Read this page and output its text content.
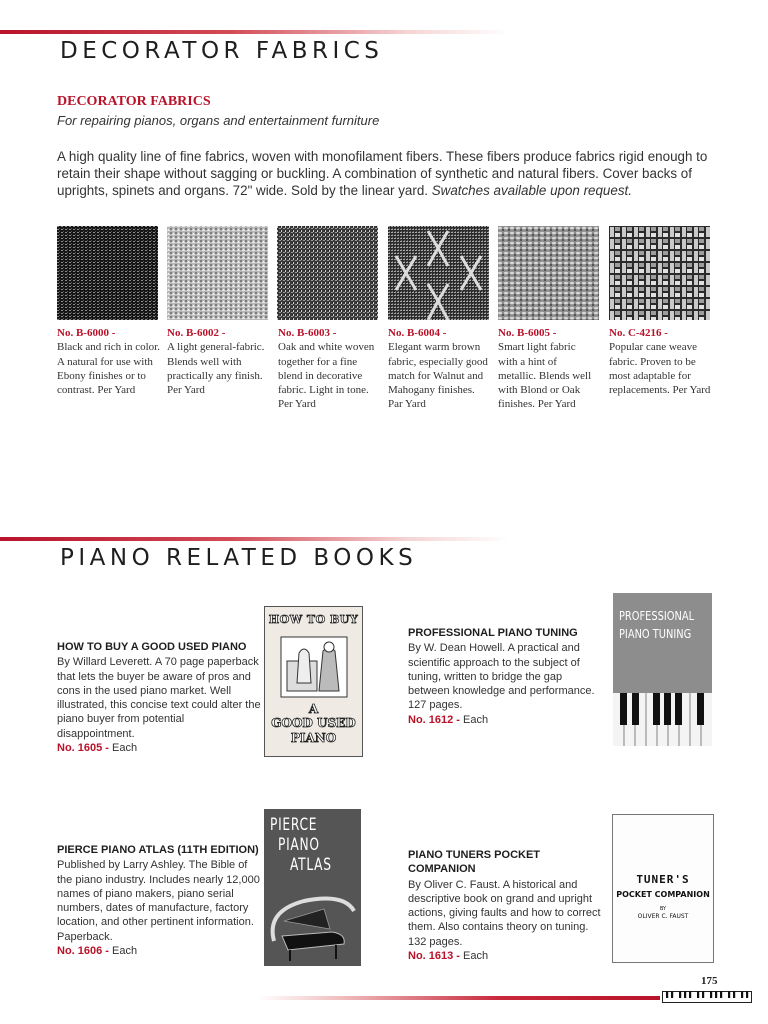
DECORATOR FABRICS
DECORATOR FABRICS
For repairing pianos, organs and entertainment furniture
A high quality line of fine fabrics, woven with monofilament fibers. These fibers produce fabrics rigid enough to retain their shape without sagging or buckling. A combination of synthetic and natural fibers. Cover backs of uprights, spinets and organs. 72" wide. Sold by the linear yard. Swatches available upon request.
No. B-6000 -
Black and rich in color. A natural for use with Ebony finishes or to contrast. Per Yard
No. B-6002 -
A light general-fabric. Blends well with practically any finish. Per Yard
No. B-6003 -
Oak and white woven together for a fine blend in decorative fabric. Light in tone. Per Yard
No. B-6004 -
Elegant warm brown fabric, especially good match for Walnut and Mahogany finishes. Par Yard
No. B-6005 -
Smart light fabric with a hint of metallic. Blends well with Blond or Oak finishes. Per Yard
No. C-4216 -
Popular cane weave fabric. Proven to be most adaptable for replacements. Per Yard
PIANO RELATED BOOKS
HOW TO BUY A GOOD USED PIANO
By Willard Leverett. A 70 page paperback that lets the buyer be aware of pros and cons in the used piano market. Well illustrated, this concise text could alter the piano buyer from potential disappointment.
No. 1605 - Each
HOW TO BUY
A
GOOD USED
PIANO
PROFESSIONAL PIANO TUNING
By W. Dean Howell. A practical and scientific approach to the subject of tuning, written to bridge the gap between knowledge and performance. 127 pages.
No. 1612 - Each
PROFESSIONAL
PIANO TUNING
PIERCE PIANO ATLAS (11TH EDITION)
Published by Larry Ashley. The Bible of the piano industry. Includes nearly 12,000 names of piano makers, piano serial numbers, dates of manufacture, factory location, and other pertinent information. Paperback.
No. 1606 - Each
PIERCE
PIANO
ATLAS	PIANO TUNERS POCKET COMPANION
By Oliver C. Faust. A historical and descriptive book on grand and upright actions, giving faults and how to correct them. Also contains theory on tuning. 132 pages.
No. 1613 - Each
TUNER'S
POCKET COMPANION
BY
OLIVER C. FAUST
175
